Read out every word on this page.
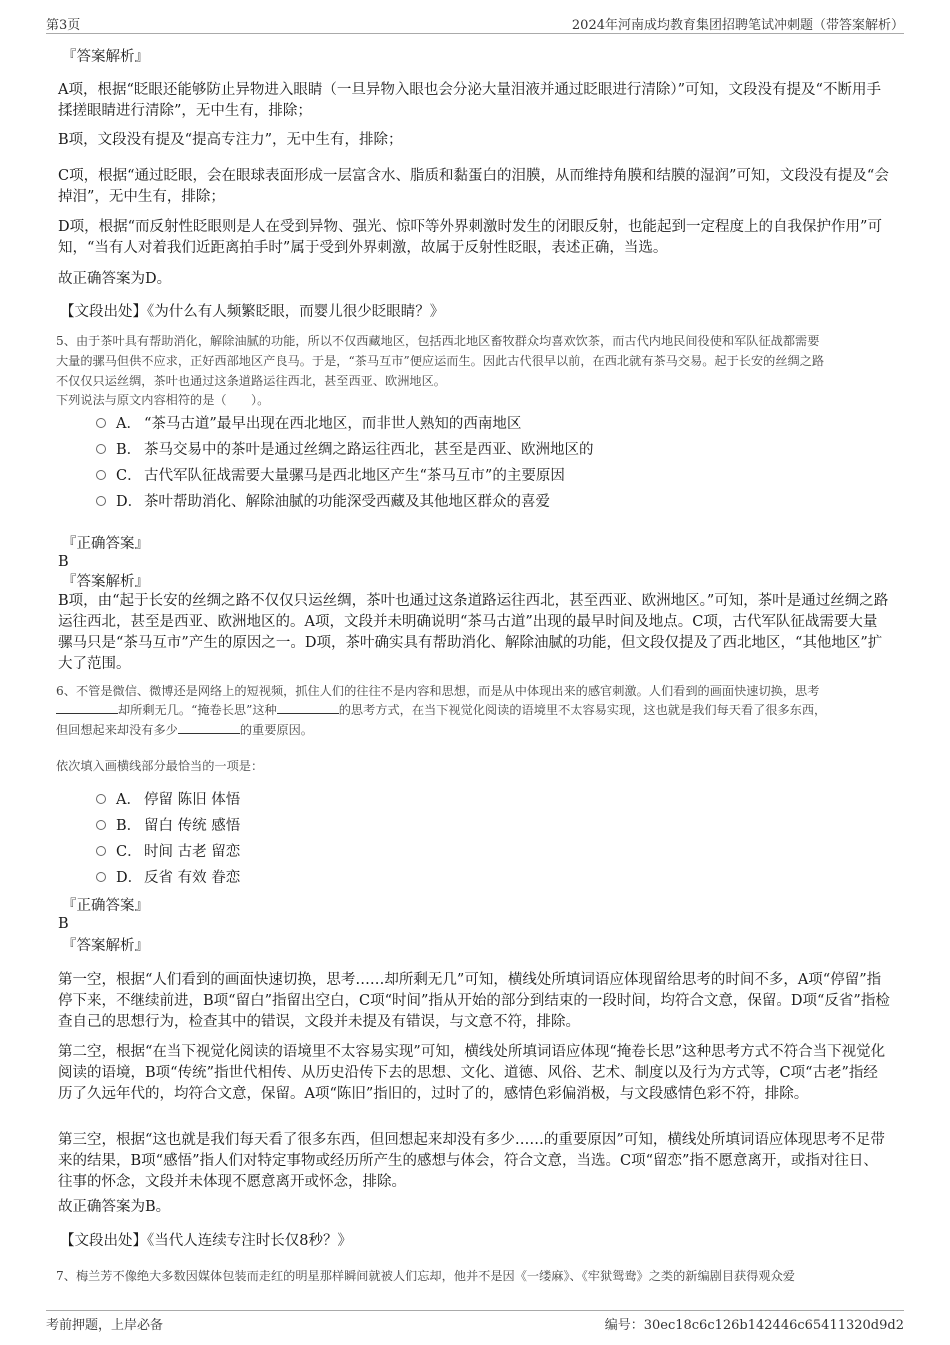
第3页	2024年河南成均教育集团招聘笔试冲刺题（带答案解析）

『答案解析』

A项，根据“眨眼还能够防止异物进入眼睛（一旦异物入眼也会分泌大量泪液并通过眨眼进行清除）”可知，文段没有提及“不断用手揉搓眼睛进行清除”，无中生有，排除；

B项，文段没有提及“提高专注力”，无中生有，排除；

C项，根据“通过眨眼，会在眼球表面形成一层富含水、脂质和黏蛋白的泪膜，从而维持角膜和结膜的湿润”可知，文段没有提及“会掉泪”，无中生有，排除；

D项，根据“而反射性眨眼则是人在受到异物、强光、惊吓等外界刺激时发生的闭眼反射，也能起到一定程度上的自我保护作用”可知，“当有人对着我们近距离拍手时”属于受到外界刺激，故属于反射性眨眼，表述正确，当选。

故正确答案为D。

【文段出处】《为什么有人频繁眨眼，而婴儿很少眨眼睛？》

5、由于茶叶具有帮助消化，解除油腻的功能，所以不仅西藏地区，包括西北地区畜牧群众均喜欢饮茶，而古代内地民间役使和军队征战都需要

大量的骡马但供不应求，正好西部地区产良马。于是，“茶马互市”便应运而生。因此古代很早以前，在西北就有茶马交易。起于长安的丝绸之路

不仅仅只运丝绸，茶叶也通过这条道路运往西北，甚至西亚、欧洲地区。

下列说法与原文内容相符的是（　　）。

A． “茶马古道”最早出现在西北地区，而非世人熟知的西南地区
B． 茶马交易中的茶叶是通过丝绸之路运往西北，甚至是西亚、欧洲地区的
C． 古代军队征战需要大量骡马是西北地区产生“茶马互市”的主要原因
D． 茶叶帮助消化、解除油腻的功能深受西藏及其他地区群众的喜爱

『正确答案』

B

『答案解析』

B项，由“起于长安的丝绸之路不仅仅只运丝绸，茶叶也通过这条道路运往西北，甚至西亚、欧洲地区。”可知，茶叶是通过丝绸之路运往西北，甚至是西亚、欧洲地区的。A项，文段并未明确说明“茶马古道”出现的最早时间及地点。C项，古代军队征战需要大量骡马只是“茶马互市”产生的原因之一。D项，茶叶确实具有帮助消化、解除油腻的功能，但文段仅提及了西北地区，“其他地区”扩大了范围。

6、不管是微信、微博还是网络上的短视频，抓住人们的往往不是内容和思想，而是从中体现出来的感官刺激。人们看到的画面快速切换，思考

却所剩无几。“掩卷长思”这种	的思考方式，在当下视觉化阅读的语境里不太容易实现，这也就是我们每天看了很多东西，

但回想起来却没有多少	的重要原因。

依次填入画横线部分最恰当的一项是：

A． 停留 陈旧 体悟
B． 留白 传统 感悟
C． 时间 古老 留恋
D． 反省 有效 眷恋

『正确答案』

B

『答案解析』

第一空，根据“人们看到的画面快速切换，思考……却所剩无几”可知，横线处所填词语应体现留给思考的时间不多，A项“停留”指停下来，不继续前进，B项“留白”指留出空白，C项“时间”指从开始的部分到结束的一段时间，均符合文意，保留。D项“反省”指检查自己的思想行为，检查其中的错误，文段并未提及有错误，与文意不符，排除。

第二空，根据“在当下视觉化阅读的语境里不太容易实现”可知，横线处所填词语应体现“掩卷长思”这种思考方式不符合当下视觉化阅读的语境，B项“传统”指世代相传、从历史沿传下去的思想、文化、道德、风俗、艺术、制度以及行为方式等，C项“古老”指经历了久远年代的，均符合文意，保留。A项“陈旧”指旧的，过时了的，感情色彩偏消极，与文段感情色彩不符，排除。

第三空，根据“这也就是我们每天看了很多东西，但回想起来却没有多少……的重要原因”可知，横线处所填词语应体现思考不足带来的结果，B项“感悟”指人们对特定事物或经历所产生的感想与体会，符合文意，当选。C项“留恋”指不愿意离开，或指对往日、往事的怀念，文段并未体现不愿意离开或怀念，排除。

故正确答案为B。

【文段出处】《当代人连续专注时长仅8秒？》

7、梅兰芳不像绝大多数因媒体包装而走红的明星那样瞬间就被人们忘却，他并不是因《一缕麻》、《牢狱鸳鸯》之类的新编剧目获得观众爱

考前押题，上岸必备	编号：30ec18c6c126b142446c65411320d9d2
